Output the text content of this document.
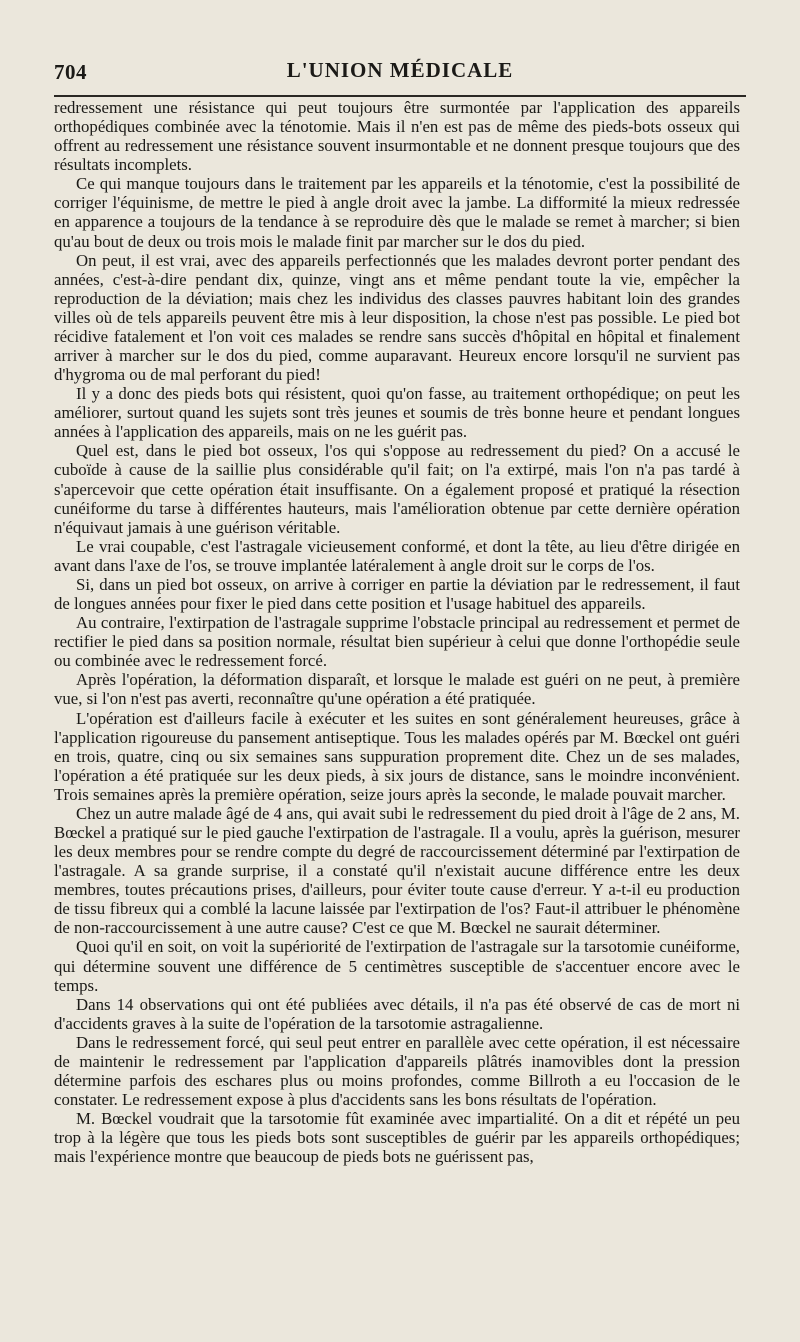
704	L'UNION MÉDICALE

redressement une résistance qui peut toujours être surmontée par l'application des appareils orthopédiques combinée avec la ténotomie. Mais il n'en est pas de même des pieds-bots osseux qui offrent au redressement une résistance souvent insurmontable et ne donnent presque toujours que des résultats incomplets.

Ce qui manque toujours dans le traitement par les appareils et la ténotomie, c'est la possibilité de corriger l'équinisme, de mettre le pied à angle droit avec la jambe. La difformité la mieux redressée en apparence a toujours de la tendance à se reproduire dès que le malade se remet à marcher; si bien qu'au bout de deux ou trois mois le malade finit par marcher sur le dos du pied.

On peut, il est vrai, avec des appareils perfectionnés que les malades devront porter pendant des années, c'est-à-dire pendant dix, quinze, vingt ans et même pendant toute la vie, empêcher la reproduction de la déviation; mais chez les individus des classes pauvres habitant loin des grandes villes où de tels appareils peuvent être mis à leur disposition, la chose n'est pas possible. Le pied bot récidive fatalement et l'on voit ces malades se rendre sans succès d'hôpital en hôpital et finalement arriver à marcher sur le dos du pied, comme auparavant. Heureux encore lorsqu'il ne survient pas d'hygroma ou de mal perforant du pied!

Il y a donc des pieds bots qui résistent, quoi qu'on fasse, au traitement orthopédique; on peut les améliorer, surtout quand les sujets sont très jeunes et soumis de très bonne heure et pendant longues années à l'application des appareils, mais on ne les guérit pas.

Quel est, dans le pied bot osseux, l'os qui s'oppose au redressement du pied? On a accusé le cuboïde à cause de la saillie plus considérable qu'il fait; on l'a extirpé, mais l'on n'a pas tardé à s'apercevoir que cette opération était insuffisante. On a également proposé et pratiqué la résection cunéiforme du tarse à différentes hauteurs, mais l'amélioration obtenue par cette dernière opération n'équivaut jamais à une guérison véritable.

Le vrai coupable, c'est l'astragale vicieusement conformé, et dont la tête, au lieu d'être dirigée en avant dans l'axe de l'os, se trouve implantée latéralement à angle droit sur le corps de l'os.

Si, dans un pied bot osseux, on arrive à corriger en partie la déviation par le redressement, il faut de longues années pour fixer le pied dans cette position et l'usage habituel des appareils.

Au contraire, l'extirpation de l'astragale supprime l'obstacle principal au redressement et permet de rectifier le pied dans sa position normale, résultat bien supérieur à celui que donne l'orthopédie seule ou combinée avec le redressement forcé.

Après l'opération, la déformation disparaît, et lorsque le malade est guéri on ne peut, à première vue, si l'on n'est pas averti, reconnaître qu'une opération a été pratiquée.

L'opération est d'ailleurs facile à exécuter et les suites en sont généralement heureuses, grâce à l'application rigoureuse du pansement antiseptique. Tous les malades opérés par M. Bœckel ont guéri en trois, quatre, cinq ou six semaines sans suppuration proprement dite. Chez un de ses malades, l'opération a été pratiquée sur les deux pieds, à six jours de distance, sans le moindre inconvénient. Trois semaines après la première opération, seize jours après la seconde, le malade pouvait marcher.

Chez un autre malade âgé de 4 ans, qui avait subi le redressement du pied droit à l'âge de 2 ans, M. Bœckel a pratiqué sur le pied gauche l'extirpation de l'astragale. Il a voulu, après la guérison, mesurer les deux membres pour se rendre compte du degré de raccourcissement déterminé par l'extirpation de l'astragale. A sa grande surprise, il a constaté qu'il n'existait aucune différence entre les deux membres, toutes précautions prises, d'ailleurs, pour éviter toute cause d'erreur. Y a-t-il eu production de tissu fibreux qui a comblé la lacune laissée par l'extirpation de l'os? Faut-il attribuer le phénomène de non-raccourcissement à une autre cause? C'est ce que M. Bœckel ne saurait déterminer.

Quoi qu'il en soit, on voit la supériorité de l'extirpation de l'astragale sur la tarsotomie cunéiforme, qui détermine souvent une différence de 5 centimètres susceptible de s'accentuer encore avec le temps.

Dans 14 observations qui ont été publiées avec détails, il n'a pas été observé de cas de mort ni d'accidents graves à la suite de l'opération de la tarsotomie astragalienne.

Dans le redressement forcé, qui seul peut entrer en parallèle avec cette opération, il est nécessaire de maintenir le redressement par l'application d'appareils plâtrés inamovibles dont la pression détermine parfois des eschares plus ou moins profondes, comme Billroth a eu l'occasion de le constater. Le redressement expose à plus d'accidents sans les bons résultats de l'opération.

M. Bœckel voudrait que la tarsotomie fût examinée avec impartialité. On a dit et répété un peu trop à la légère que tous les pieds bots sont susceptibles de guérir par les appareils orthopédiques; mais l'expérience montre que beaucoup de pieds bots ne guérissent pas,
